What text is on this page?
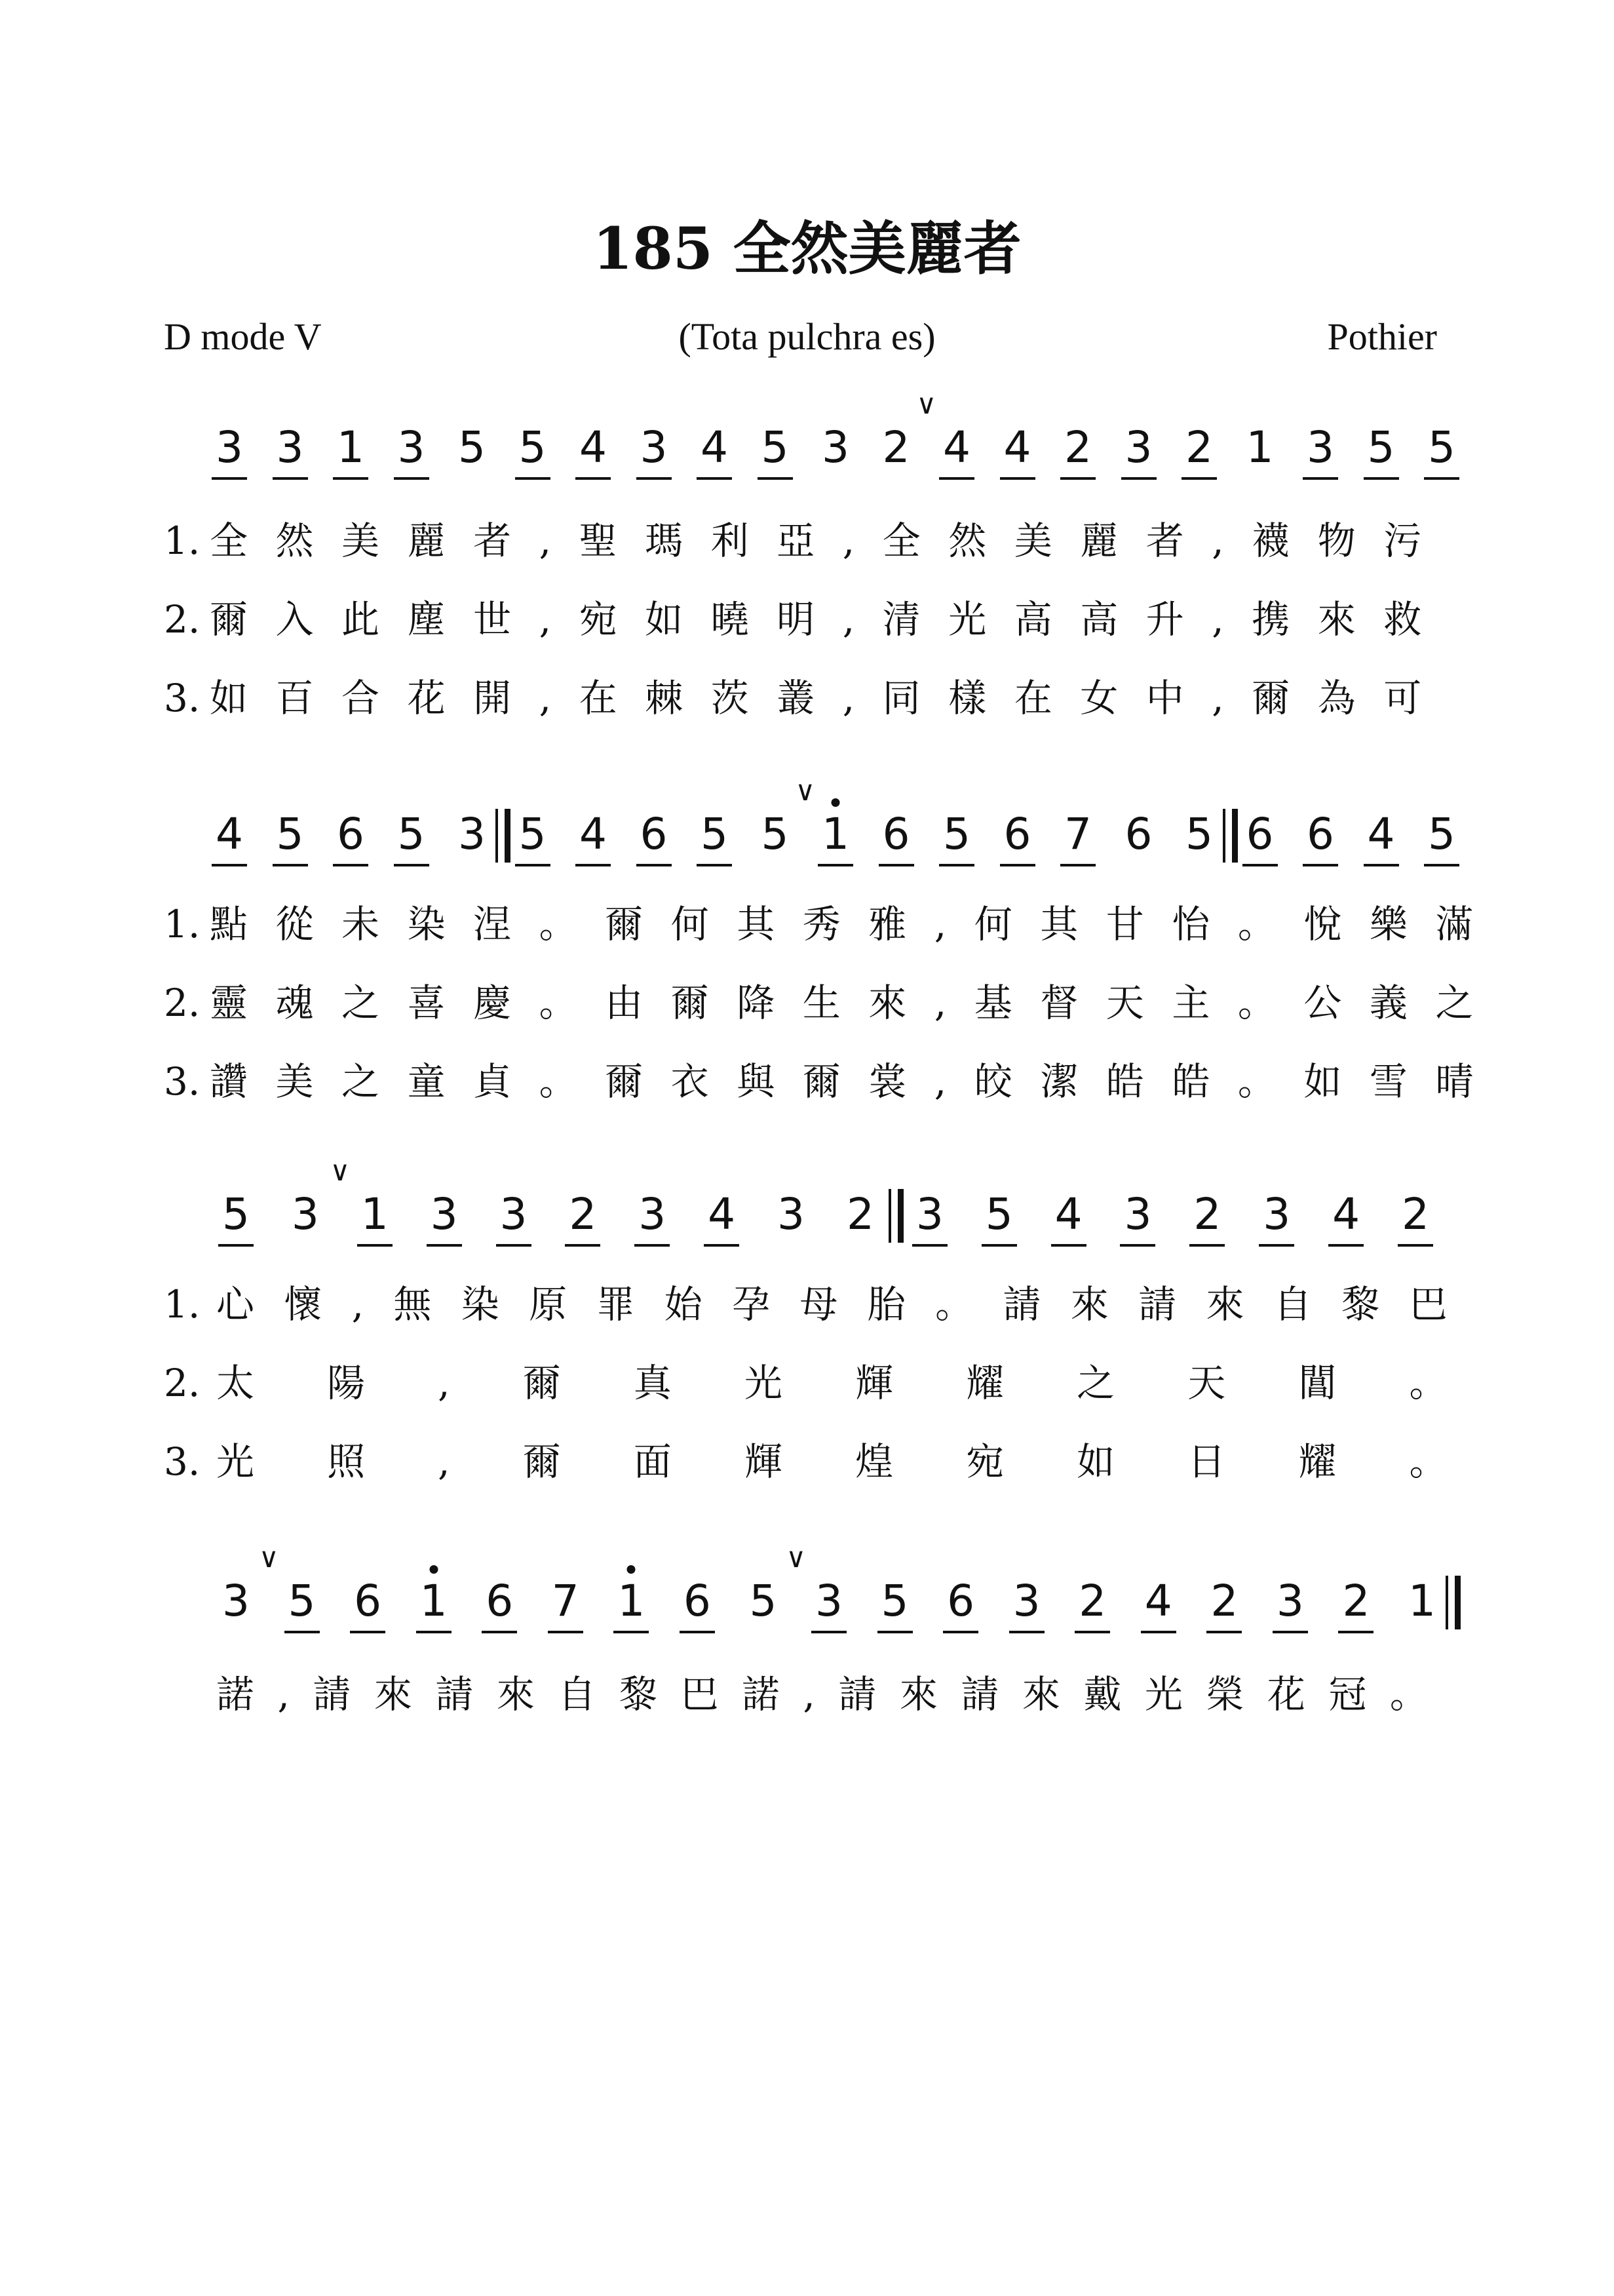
185 全然美麗者
D mode V	(Tota pulchra es)	Pothier
3 3 1 3 5 5 4 3 4 5 3 2 4 4 2 3 2 1 3 5 5
∨
1. 全然美麗者,聖瑪利亞,全然美麗者,襪物污
2. 爾入此塵世,宛如曉明,清光高高升,携來救
3. 如百合花開,在棘茨叢,同樣在女中,爾為可
4 5 6 5 3 5 4 6 5 5 1 6 5 6 7 6 5 6 6 4 5
∨
1. 點從未染涅。爾何其秀雅,何其甘怡。悅樂滿
2. 靈魂之喜慶。由爾降生來,基督天主。公義之
3. 讚美之童貞。爾衣與爾裳,皎潔皓皓。如雪晴
5 3 1 3 3 2 3 4 3 2 3 5 4 3 2 3 4 2
∨
1. 心懷,無染原罪始孕母胎。請來請來自黎巴
2. 太陽,爾真光輝耀之天閶。
3. 光照,爾面輝煌宛如日耀。
3 5 6 1 6 7 1 6 5 3 5 6 3 2 4 2 3 2 1
∨	∨
諾,請來請來自黎巴諾,請來請來戴光榮花冠。
